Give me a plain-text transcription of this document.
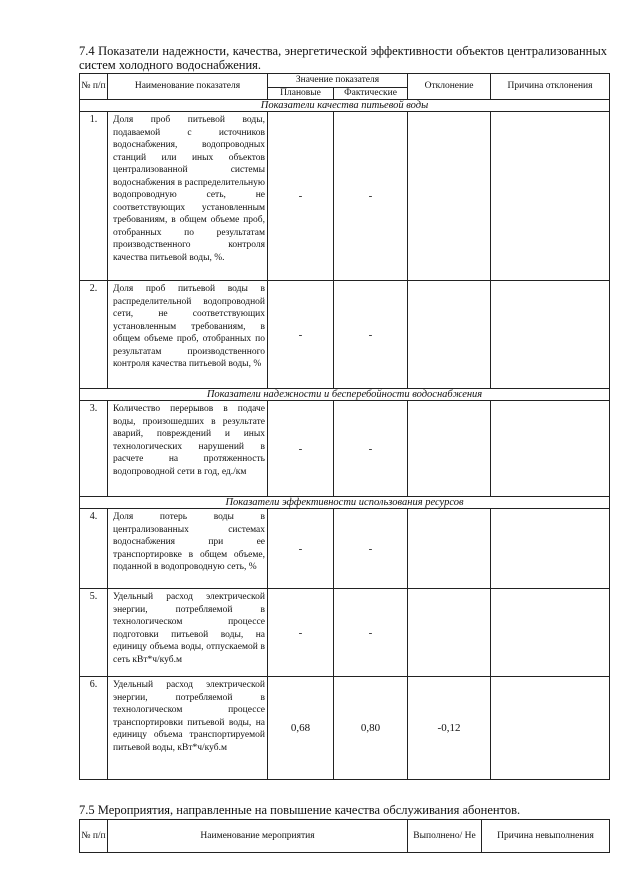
7.4 Показатели надежности, качества, энергетической эффективности объектов централизованных систем холодного водоснабжения.
№ п/п	Наименование показателя	Значение показателя		Отклонение	Причина отклонения
		Плановые	Фактические		
Показатели качества питьевой воды					
1.	Доля проб питьевой воды, подаваемой с источников водоснабжения, водопроводных станций или иных объектов централизованной системы водоснабжения в распределительную водопроводную сеть, не соответствующих установленным требованиям, в общем объеме проб, отобранных по результатам производственного контроля качества питьевой воды, %.	-	-		
2.	Доля проб питьевой воды в распределительной водопроводной сети, не соответствующих установленным требованиям, в общем объеме проб, отобранных по результатам производственного контроля качества питьевой воды, %	-	-		
Показатели надежности и бесперебойности водоснабжения					
3.	Количество перерывов в подаче воды, произошедших в результате аварий, повреждений и иных технологических нарушений в расчете на протяженность водопроводной сети в год, ед./км	-	-		
Показатели эффективности использования ресурсов					
4.	Доля потерь воды в централизованных системах водоснабжения при ее транспортировке в общем объеме, поданной в водопроводную сеть, %	-	-		
5.	Удельный расход электрической энергии, потребляемой в технологическом процессе подготовки питьевой воды, на единицу объема воды, отпускаемой в сеть кВт*ч/куб.м	-	-		
6.	Удельный расход электрической энергии, потребляемой в технологическом процессе транспортировки питьевой воды, на единицу объема транспортируемой питьевой воды, кВт*ч/куб.м	0,68	0,80	-0,12	
7.5 Мероприятия, направленные на повышение качества обслуживания абонентов.
№ п/п	Наименование мероприятия	Выполнено/ Не	Причина невыполнения
